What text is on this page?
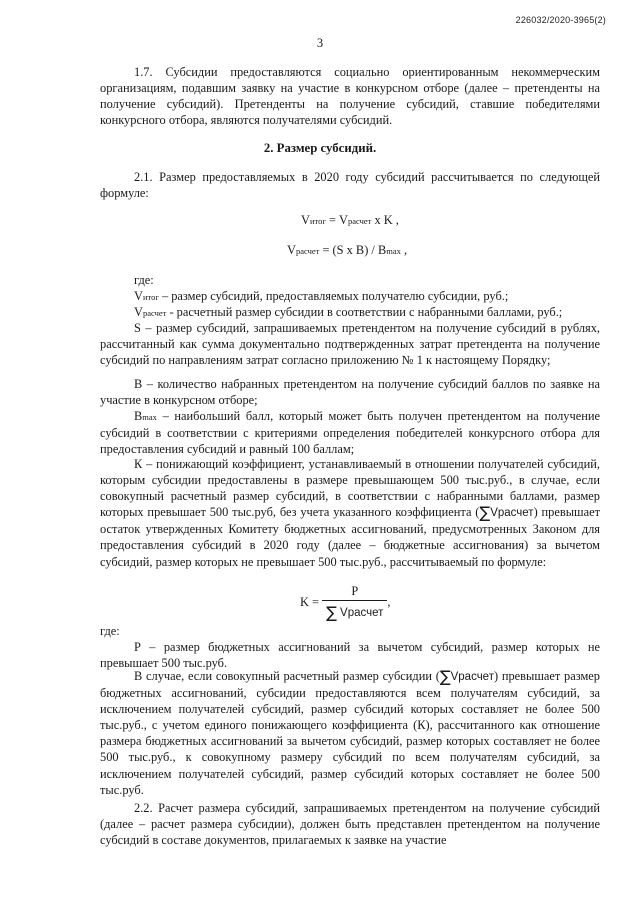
226032/2020-3965(2)
3
1.7. Субсидии предоставляются социально ориентированным некоммерческим организациям, подавшим заявку на участие в конкурсном отборе (далее – претенденты на получение субсидий). Претенденты на получение субсидий, ставшие победителями конкурсного отбора, являются получателями субсидий.
2. Размер субсидий.
2.1. Размер предоставляемых в 2020 году субсидий рассчитывается по следующей формуле:
Vитог = Vрасчет x K ,
Vрасчет = (S x B) / Bmax ,
где:
Vитог – размер субсидий, предоставляемых получателю субсидии, руб.;
Vрасчет - расчетный размер субсидии в соответствии с набранными баллами, руб.;
S – размер субсидий, запрашиваемых претендентом на получение субсидий в рублях, рассчитанный как сумма документально подтвержденных затрат претендента на получение субсидий по направлениям затрат согласно приложению № 1 к настоящему Порядку;
В – количество набранных претендентом на получение субсидий баллов по заявке на участие в конкурсном отборе;
Bmax – наибольший балл, который может быть получен претендентом на получение субсидий в соответствии с критериями определения победителей конкурсного отбора для предоставления субсидий и равный 100 баллам;
К – понижающий коэффициент, устанавливаемый в отношении получателей субсидий, которым субсидии предоставлены в размере превышающем 500 тыс.руб., в случае, если совокупный расчетный размер субсидий, в соответствии с набранными баллами, размер которых превышает 500 тыс.руб, без учета указанного коэффициента (∑Vрасчет) превышает остаток утвержденных Комитету бюджетных ассигнований, предусмотренных Законом для предоставления субсидий в 2020 году (далее – бюджетные ассигнования) за вычетом субсидий, размер которых не превышает 500 тыс.руб., рассчитываемый по формуле:
$K = \frac{P}{\text{∑ Vрасчет}}$ ,
где:
Р – размер бюджетных ассигнований за вычетом субсидий, размер которых не превышает 500 тыс.руб.
В случае, если совокупный расчетный размер субсидии (∑Vрасчет) превышает размер бюджетных ассигнований, субсидии предоставляются всем получателям субсидий, за исключением получателей субсидий, размер субсидий которых составляет не более 500 тыс.руб., с учетом единого понижающего коэффициента (К), рассчитанного как отношение размера бюджетных ассигнований за вычетом субсидий, размер которых составляет не более 500 тыс.руб., к совокупному размеру субсидий по всем получателям субсидий, за исключением получателей субсидий, размер субсидий которых составляет не более 500 тыс.руб.
2.2. Расчет размера субсидий, запрашиваемых претендентом на получение субсидий (далее – расчет размера субсидии), должен быть представлен претендентом на получение субсидий в составе документов, прилагаемых к заявке на участие
